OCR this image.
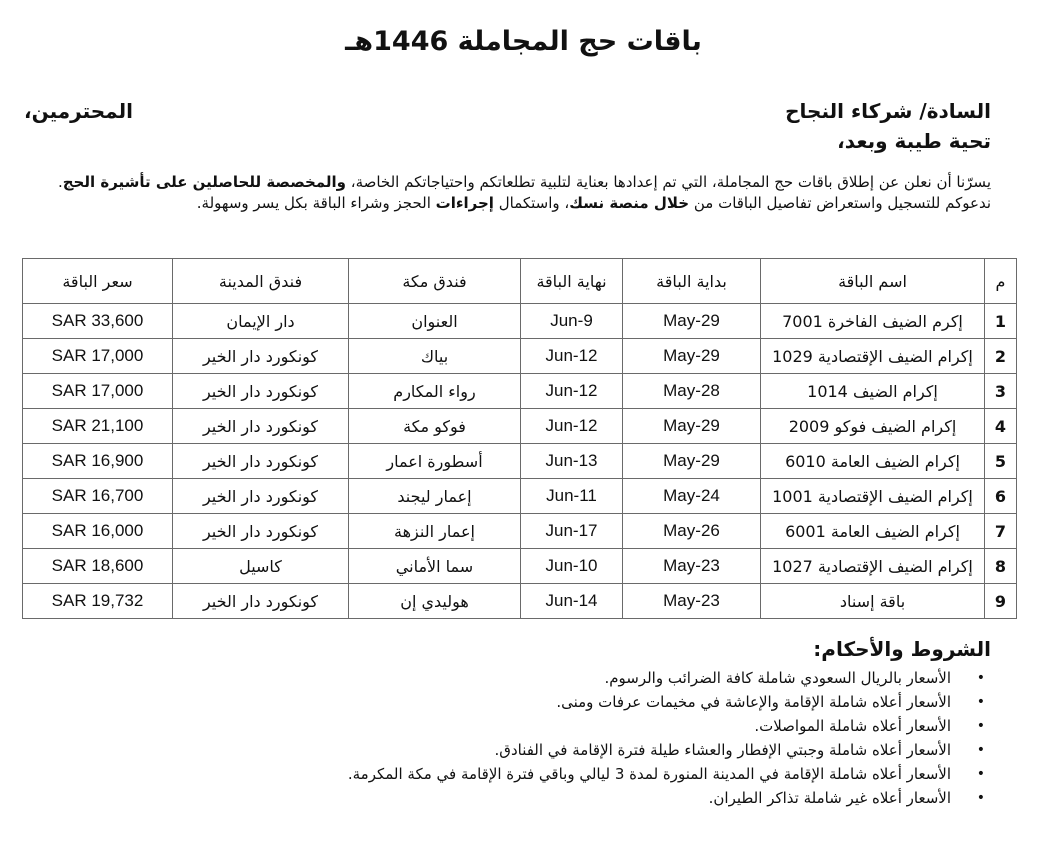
باقات حج المجاملة 1446هـ
السادة/ شركاء النجاح
المحترمين،
تحية طيبة وبعد،
يسرّنا أن نعلن عن إطلاق باقات حج المجاملة، التي تم إعدادها بعناية لتلبية تطلعاتكم واحتياجاتكم الخاصة، والمخصصة للحاصلين على تأشيرة الحج.
ندعوكم للتسجيل واستعراض تفاصيل الباقات من خلال منصة نسك، واستكمال إجراءات الحجز وشراء الباقة بكل يسر وسهولة.
م	اسم الباقة	بداية الباقة	نهاية الباقة	فندق مكة	فندق المدينة	سعر الباقة
1	إكرم الضيف الفاخرة 7001	29-May	9-Jun	العنوان	دار الإيمان	SAR 33,600
2	إكرام الضيف الإقتصادية 1029	29-May	12-Jun	بياك	كونكورد دار الخير	SAR 17,000
3	إكرام الضيف 1014	28-May	12-Jun	رواء المكارم	كونكورد دار الخير	SAR 17,000
4	إكرام الضيف فوكو 2009	29-May	12-Jun	فوكو مكة	كونكورد دار الخير	SAR 21,100
5	إكرام الضيف العامة 6010	29-May	13-Jun	أسطورة اعمار	كونكورد دار الخير	SAR 16,900
6	إكرام الضيف الإقتصادية 1001	24-May	11-Jun	إعمار ليجند	كونكورد دار الخير	SAR 16,700
7	إكرام الضيف العامة 6001	26-May	17-Jun	إعمار النزهة	كونكورد دار الخير	SAR 16,000
8	إكرام الضيف الإقتصادية 1027	23-May	10-Jun	سما الأماني	كاسيل	SAR 18,600
9	باقة إسناد	23-May	14-Jun	هوليدي إن	كونكورد دار الخير	SAR 19,732
الشروط والأحكام:
•
الأسعار بالريال السعودي شاملة كافة الضرائب والرسوم.
•
الأسعار أعلاه شاملة الإقامة والإعاشة في مخيمات عرفات ومنى.
•
الأسعار أعلاه شاملة المواصلات.
•
الأسعار أعلاه شاملة وجبتي الإفطار والعشاء طيلة فترة الإقامة في الفنادق.
•
الأسعار أعلاه شاملة الإقامة في المدينة المنورة لمدة 3 ليالي وباقي فترة الإقامة في مكة المكرمة.
•
الأسعار أعلاه غير شاملة تذاكر الطيران.
